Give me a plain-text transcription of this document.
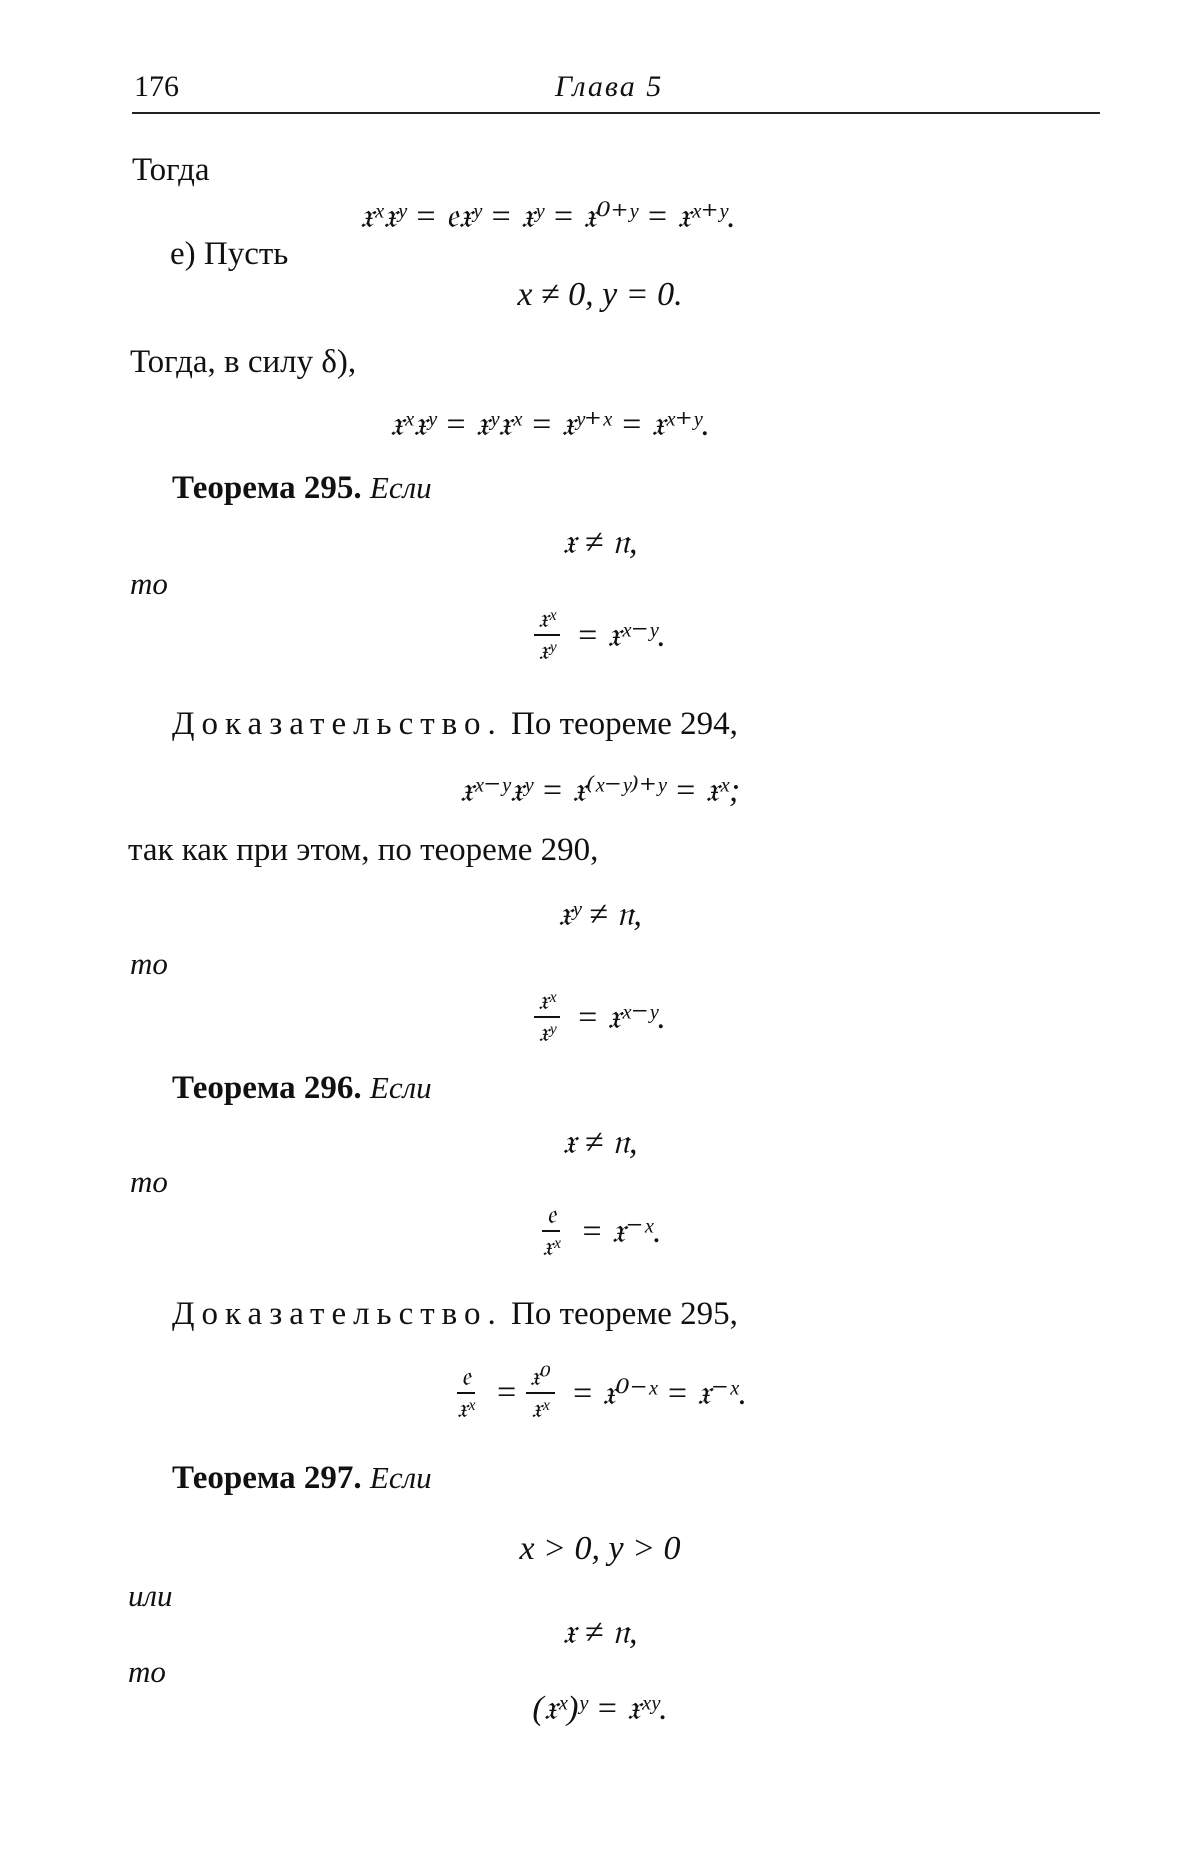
176	Глава 5
Тогда
𝔵ˣ𝔵ʸ = 𝔢𝔵ʸ = 𝔵ʸ = 𝔵⁰⁺ʸ = 𝔵ˣ⁺ʸ.
е) Пусть
x ≠ 0, y = 0.
Тогда, в силу δ),
𝔵ˣ𝔵ʸ = 𝔵ʸ𝔵ˣ = 𝔵ʸ⁺ˣ = 𝔵ˣ⁺ʸ.
Теорема 295. Если
𝔵 ≠ 𝔫,
то
$\frac{\text{𝔵ˣ}}{\text{𝔵ʸ}}$ = 𝔵ˣ⁻ʸ.
Доказательство. По теореме 294,
𝔵ˣ⁻ʸ𝔵ʸ = 𝔵⁽ˣ⁻ʸ⁾⁺ʸ = 𝔵ˣ;
так как при этом, по теореме 290,
𝔵ʸ ≠ 𝔫,
то
$\frac{\text{𝔵ˣ}}{\text{𝔵ʸ}}$ = 𝔵ˣ⁻ʸ.
Теорема 296. Если
𝔵 ≠ 𝔫,
то
$\frac{\text{𝔢}}{\text{𝔵ˣ}}$ = 𝔵⁻ˣ.
Доказательство. По теореме 295,
$\frac{\text{𝔢}}{\text{𝔵ˣ}} = \frac{\text{𝔵⁰}}{\text{𝔵ˣ}}$ = 𝔵⁰⁻ˣ = 𝔵⁻ˣ.
Теорема 297. Если
x > 0, y > 0
или
𝔵 ≠ 𝔫,
то
(𝔵ˣ)ʸ = 𝔵ˣʸ.
